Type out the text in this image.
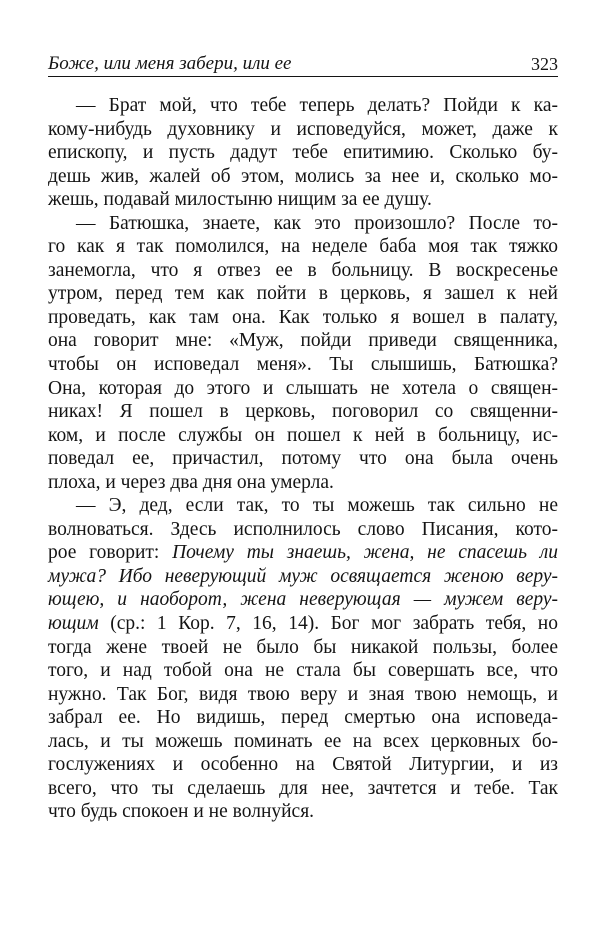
Боже, или меня забери, или ее	323
— Брат мой, что тебе теперь делать? Пойди к ка-
кому-нибудь духовнику и исповедуйся, может, даже к
епископу, и пусть дадут тебе епитимию. Сколько бу-
дешь жив, жалей об этом, молись за нее и, сколько мо-
жешь, подавай милостыню нищим за ее душу.
— Батюшка, знаете, как это произошло? После то-
го как я так помолился, на неделе баба моя так тяжко
занемогла, что я отвез ее в больницу. В воскресенье
утром, перед тем как пойти в церковь, я зашел к ней
проведать, как там она. Как только я вошел в палату,
она говорит мне: «Муж, пойди приведи священника,
чтобы он исповедал меня». Ты слышишь, Батюшка?
Она, которая до этого и слышать не хотела о священ-
никах! Я пошел в церковь, поговорил со священни-
ком, и после службы он пошел к ней в больницу, ис-
поведал ее, причастил, потому что она была очень
плоха, и через два дня она умерла.
— Э, дед, если так, то ты можешь так сильно не
волноваться. Здесь исполнилось слово Писания, кото-
рое говорит: Почему ты знаешь, жена, не спасешь ли
мужа? Ибо неверующий муж освящается женою веру-
ющею, и наоборот, жена неверующая — мужем веру-
ющим (ср.: 1 Кор. 7, 16, 14). Бог мог забрать тебя, но
тогда жене твоей не было бы никакой пользы, более
того, и над тобой она не стала бы совершать все, что
нужно. Так Бог, видя твою веру и зная твою немощь, и
забрал ее. Но видишь, перед смертью она исповеда-
лась, и ты можешь поминать ее на всех церковных бо-
гослужениях и особенно на Святой Литургии, и из
всего, что ты сделаешь для нее, зачтется и тебе. Так
что будь спокоен и не волнуйся.
